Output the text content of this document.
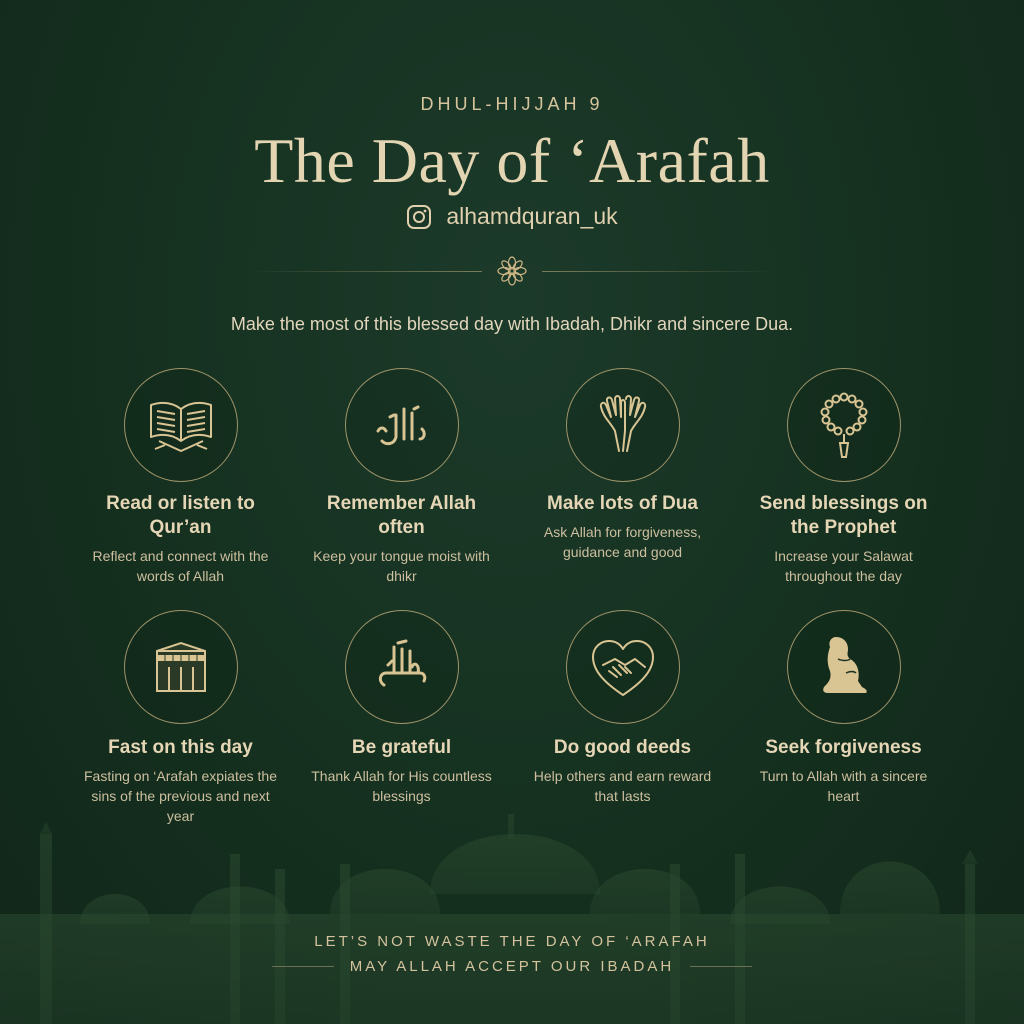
DHUL-HIJJAH 9
The Day of ‘Arafah
alhamdquran_uk
Make the most of this blessed day with Ibadah, Dhikr and sincere Dua.
Read or listen to Qur’an
Reflect and connect with the words of Allah
Remember Allah often
Keep your tongue moist with dhikr
Make lots of Dua
Ask Allah for forgiveness, guidance and good
Send blessings on the Prophet
Increase your Salawat throughout the day
Fast on this day
Fasting on ‘Arafah expiates the sins of the previous and next year
Be grateful
Thank Allah for His countless blessings
Do good deeds
Help others and earn reward that lasts
Seek forgiveness
Turn to Allah with a sincere heart
LET’S NOT WASTE THE DAY OF ‘ARAFAH
MAY ALLAH ACCEPT OUR IBADAH
